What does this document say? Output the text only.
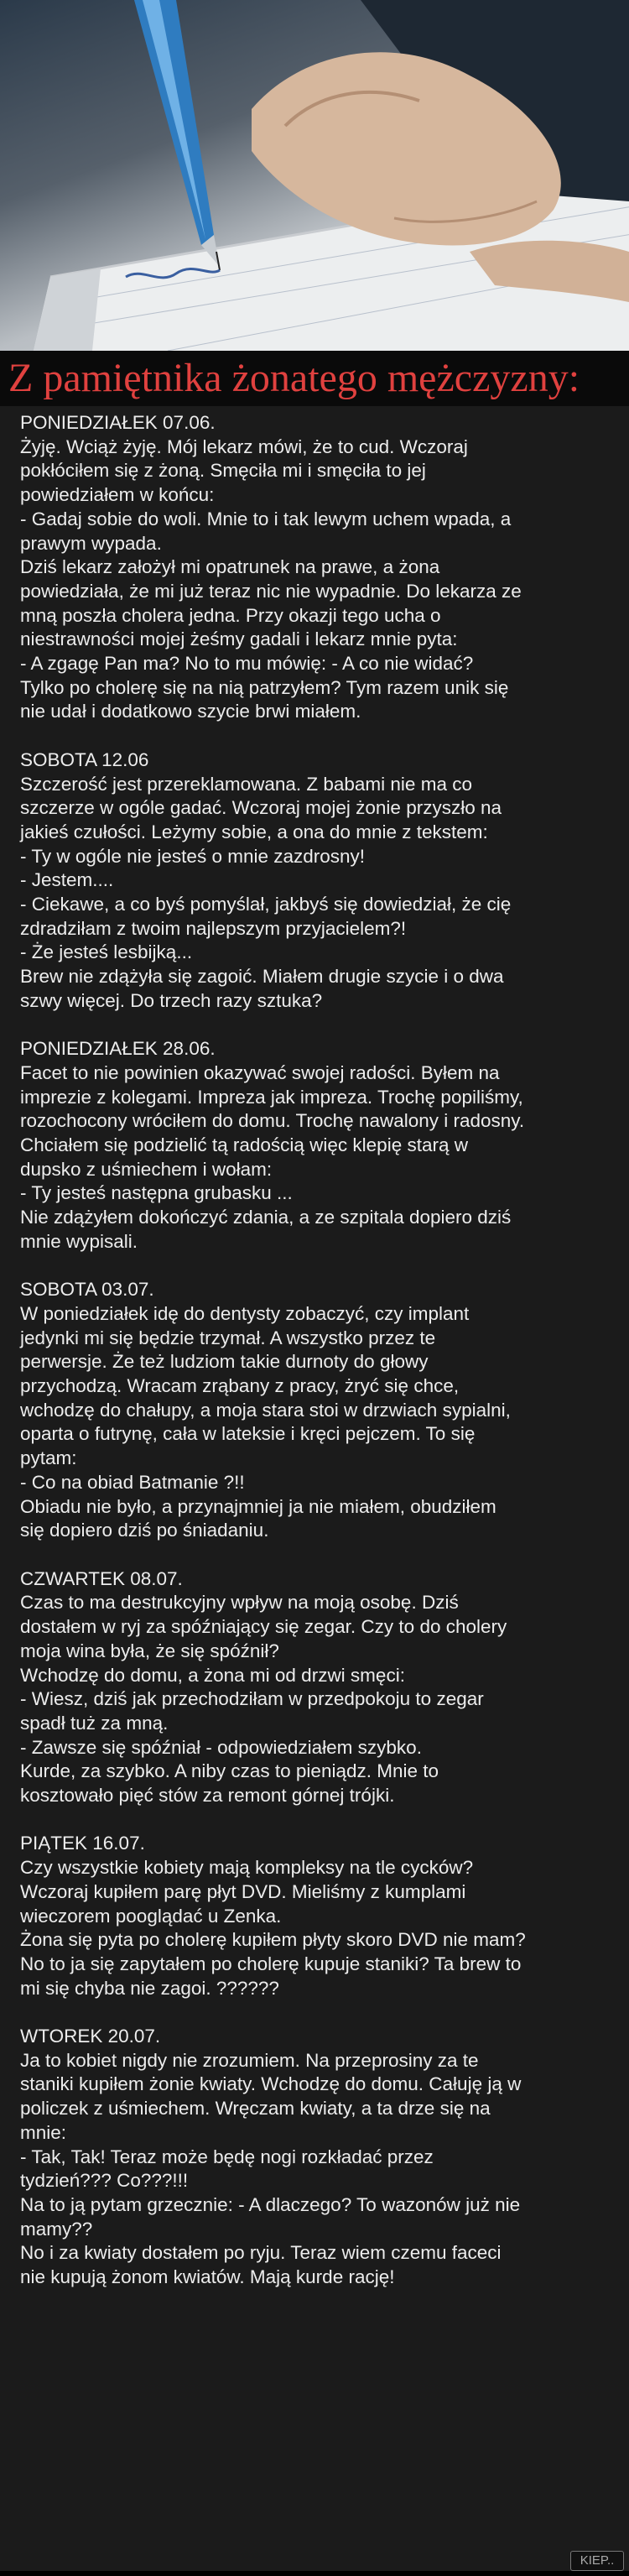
Z pamiętnika żonatego mężczyzny:
PONIEDZIAŁEK 07.06.
Żyję. Wciąż żyję. Mój lekarz mówi, że to cud. Wczoraj
pokłóciłem się z żoną. Smęciła mi i smęciła to jej
powiedziałem w końcu:
- Gadaj sobie do woli. Mnie to i tak lewym uchem wpada, a
prawym wypada.
Dziś lekarz założył mi opatrunek na prawe, a żona
powiedziała, że mi już teraz nic nie wypadnie. Do lekarza ze
mną poszła cholera jedna. Przy okazji tego ucha o
niestrawności mojej żeśmy gadali i lekarz mnie pyta:
- A zgagę Pan ma? No to mu mówię: - A co nie widać?
Tylko po cholerę się na nią patrzyłem? Tym razem unik się
nie udał i dodatkowo szycie brwi miałem.
SOBOTA 12.06
Szczerość jest przereklamowana. Z babami nie ma co
szczerze w ogóle gadać. Wczoraj mojej żonie przyszło na
jakieś czułości. Leżymy sobie, a ona do mnie z tekstem:
- Ty w ogóle nie jesteś o mnie zazdrosny!
- Jestem....
- Ciekawe, a co byś pomyślał, jakbyś się dowiedział, że cię
zdradziłam z twoim najlepszym przyjacielem?!
- Że jesteś lesbijką...
Brew nie zdążyła się zagoić. Miałem drugie szycie i o dwa
szwy więcej. Do trzech razy sztuka?
PONIEDZIAŁEK 28.06.
Facet to nie powinien okazywać swojej radości. Byłem na
imprezie z kolegami. Impreza jak impreza. Trochę popiliśmy,
rozochocony wróciłem do domu. Trochę nawalony i radosny.
Chciałem się podzielić tą radością więc klepię starą w
dupsko z uśmiechem i wołam:
- Ty jesteś następna grubasku ...
Nie zdążyłem dokończyć zdania, a ze szpitala dopiero dziś
mnie wypisali.
SOBOTA 03.07.
W poniedziałek idę do dentysty zobaczyć, czy implant
jedynki mi się będzie trzymał. A wszystko przez te
perwersje. Że też ludziom takie durnoty do głowy
przychodzą. Wracam zrąbany z pracy, żryć się chce,
wchodzę do chałupy, a moja stara stoi w drzwiach sypialni,
oparta o futrynę, cała w lateksie i kręci pejczem. To się
pytam:
- Co na obiad Batmanie ?!!
Obiadu nie było, a przynajmniej ja nie miałem, obudziłem
się dopiero dziś po śniadaniu.
CZWARTEK 08.07.
Czas to ma destrukcyjny wpływ na moją osobę. Dziś
dostałem w ryj za spóźniający się zegar. Czy to do cholery
moja wina była, że się spóźnił?
Wchodzę do domu, a żona mi od drzwi smęci:
- Wiesz, dziś jak przechodziłam w przedpokoju to zegar
spadł tuż za mną.
- Zawsze się spóźniał - odpowiedziałem szybko.
Kurde, za szybko. A niby czas to pieniądz. Mnie to
kosztowało pięć stów za remont górnej trójki.
PIĄTEK 16.07.
Czy wszystkie kobiety mają kompleksy na tle cycków?
Wczoraj kupiłem parę płyt DVD. Mieliśmy z kumplami
wieczorem pooglądać u Zenka.
Żona się pyta po cholerę kupiłem płyty skoro DVD nie mam?
No to ja się zapytałem po cholerę kupuje staniki? Ta brew to
mi się chyba nie zagoi. ??????
WTOREK 20.07.
Ja to kobiet nigdy nie zrozumiem. Na przeprosiny za te
staniki kupiłem żonie kwiaty. Wchodzę do domu. Całuję ją w
policzek z uśmiechem. Wręczam kwiaty, a ta drze się na
mnie:
- Tak, Tak! Teraz może będę nogi rozkładać przez
tydzień??? Co???!!!
Na to ją pytam grzecznie: - A dlaczego? To wazonów już nie
mamy??
No i za kwiaty dostałem po ryju. Teraz wiem czemu faceci
nie kupują żonom kwiatów. Mają kurde rację!
KIEP..
